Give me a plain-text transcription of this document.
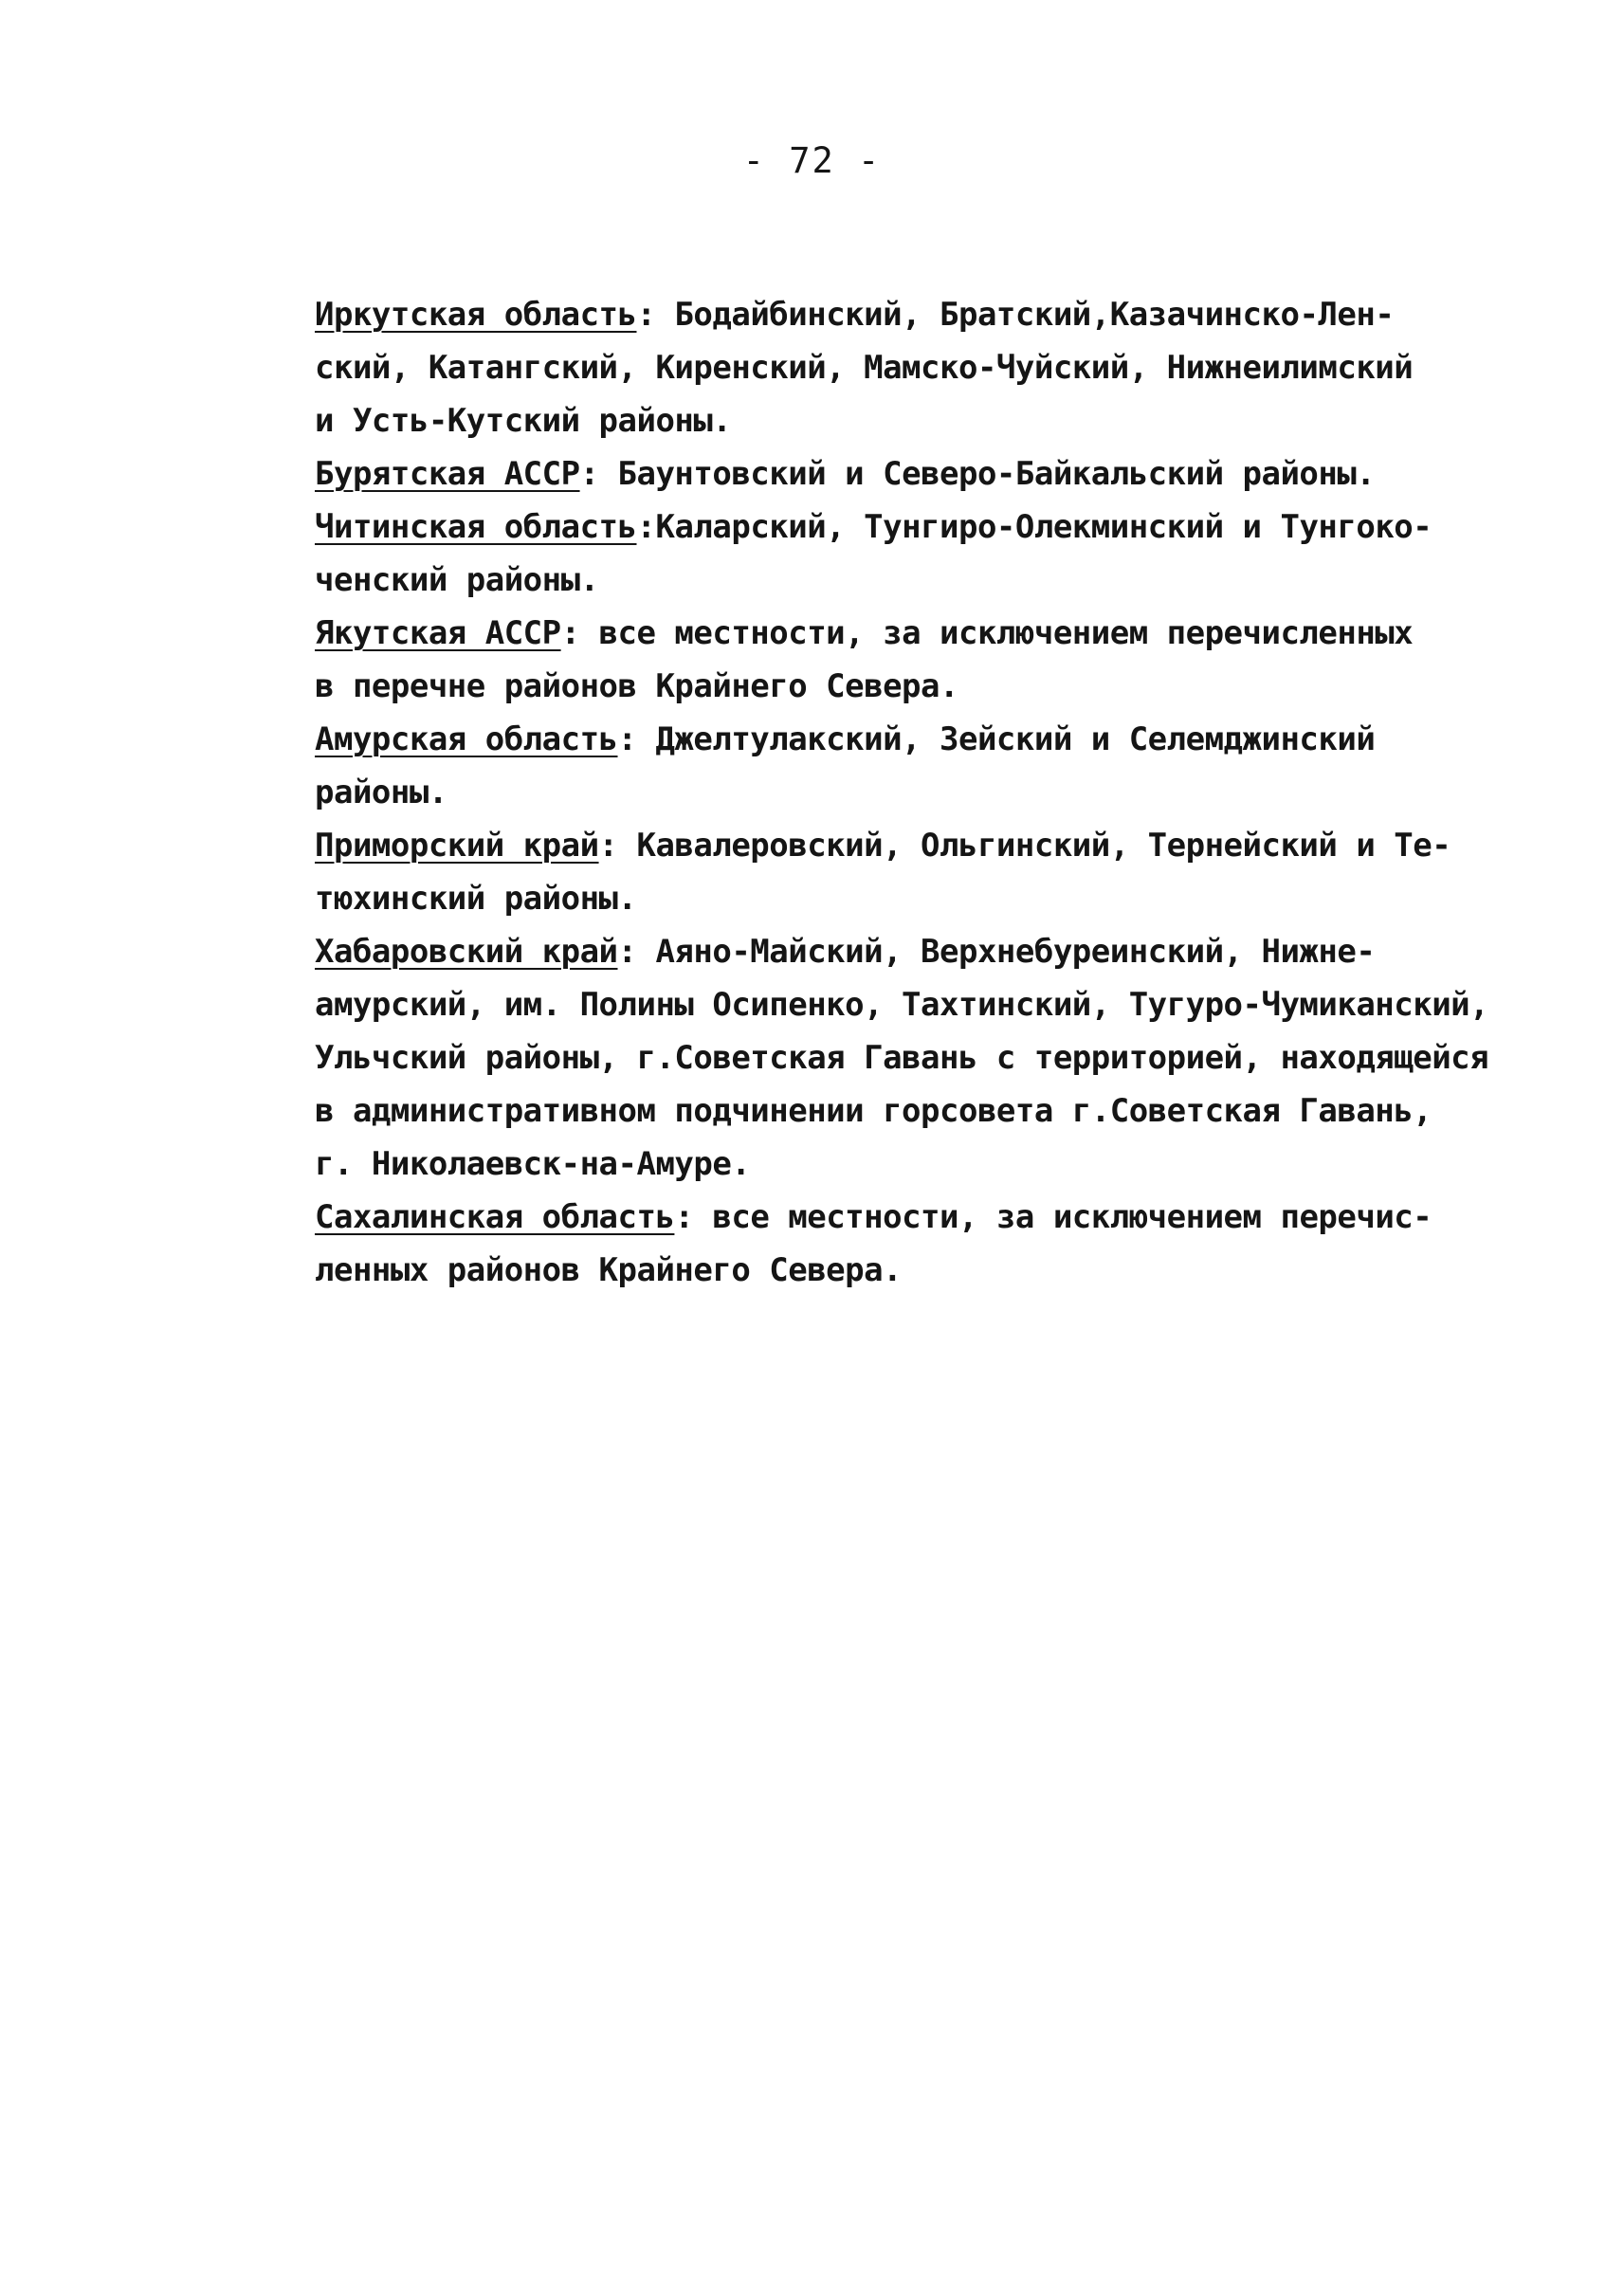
- 72 -

Иркутская область: Бодайбинский, Братский,Казачинско-Лен-
ский, Катангский, Киренский, Мамско-Чуйский, Нижнеилимский
и Усть-Кутский районы.

Бурятская АССР: Баунтовский и Северо-Байкальский районы.

Читинская область:Каларский, Тунгиро-Олекминский и Тунгоко-
ченский районы.

Якутская АССР: все местности, за исключением перечисленных
в перечне районов Крайнего Севера.

Амурская область: Джелтулакский, Зейский и Селемджинский
районы.

Приморский край: Кавалеровский, Ольгинский, Тернейский и Те-
тюхинский районы.

Хабаровский край: Аяно-Майский, Верхнебуреинский, Нижне-
амурский, им. Полины Осипенко, Тахтинский, Тугуро-Чумиканский,
Ульчский районы, г.Советская Гавань с территорией, находящейся
в административном подчинении горсовета г.Советская Гавань,
г. Николаевск-на-Амуре.

Сахалинская область: все местности, за исключением перечис-
ленных районов Крайнего Севера.
